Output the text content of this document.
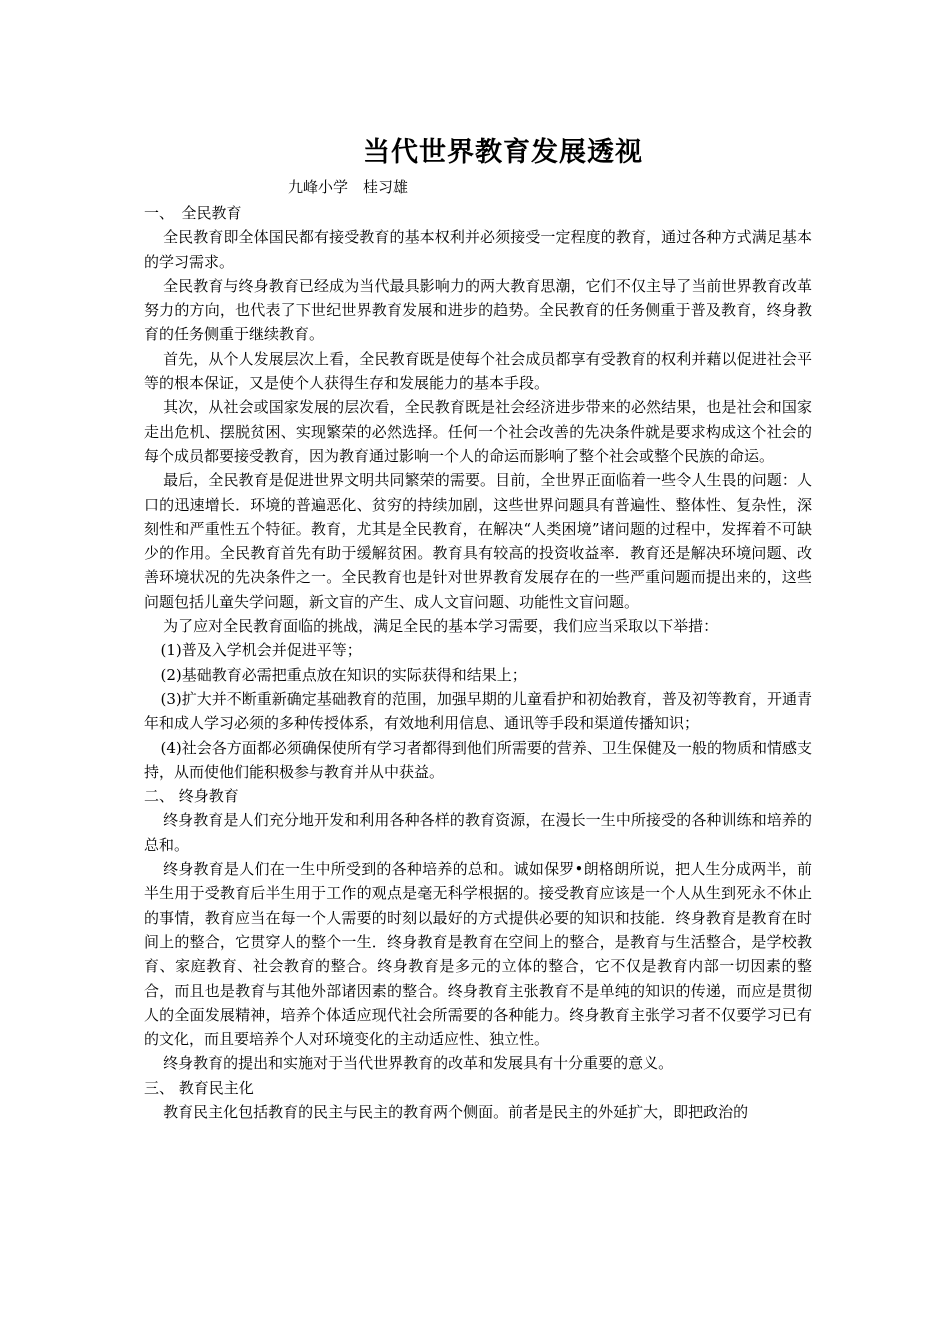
当代世界教育发展透视
九峰小学　桂习雄

一、　全民教育

全民教育即全体国民都有接受教育的基本权利并必须接受一定程度的教育，通过各种方式满足基本的学习需求。

全民教育与终身教育已经成为当代最具影响力的两大教育思潮，它们不仅主导了当前世界教育改革努力的方向，也代表了下世纪世界教育发展和进步的趋势。全民教育的任务侧重于普及教育，终身教育的任务侧重于继续教育。

首先，从个人发展层次上看，全民教育既是使每个社会成员都享有受教育的权利并藉以促进社会平等的根本保证，又是使个人获得生存和发展能力的基本手段。

其次，从社会或国家发展的层次看，全民教育既是社会经济进步带来的必然结果，也是社会和国家走出危机、摆脱贫困、实现繁荣的必然选择。任何一个社会改善的先决条件就是要求构成这个社会的每个成员都要接受教育，因为教育通过影响一个人的命运而影响了整个社会或整个民族的命运。

最后，全民教育是促进世界文明共同繁荣的需要。目前，全世界正面临着一些令人生畏的问题：人口的迅速增长．环境的普遍恶化、贫穷的持续加剧，这些世界问题具有普遍性、整体性、复杂性，深刻性和严重性五个特征。教育，尤其是全民教育，在解决“人类困境”诸问题的过程中，发挥着不可缺少的作用。全民教育首先有助于缓解贫困。教育具有较高的投资收益率．教育还是解决环境问题、改善环境状况的先决条件之一。全民教育也是针对世界教育发展存在的一些严重问题而提出来的，这些问题包括儿童失学问题，新文盲的产生、成人文盲问题、功能性文盲问题。

为了应对全民教育面临的挑战，满足全民的基本学习需要，我们应当采取以下举措：

(1)普及入学机会并促进平等；

(2)基础教育必需把重点放在知识的实际获得和结果上；

(3)扩大并不断重新确定基础教育的范围，加强早期的儿童看护和初始教育，普及初等教育，开通青年和成人学习必须的多种传授体系，有效地利用信息、通讯等手段和渠道传播知识；

(4)社会各方面都必须确保使所有学习者都得到他们所需要的营养、卫生保健及一般的物质和情感支持，从而使他们能积极参与教育并从中获益。

二、 终身教育

终身教育是人们充分地开发和利用各种各样的教育资源，在漫长一生中所接受的各种训练和培养的总和。

终身教育是人们在一生中所受到的各种培养的总和。诚如保罗•朗格朗所说，把人生分成两半，前半生用于受教育后半生用于工作的观点是毫无科学根据的。接受教育应该是一个人从生到死永不休止的事情，教育应当在每一个人需要的时刻以最好的方式提供必要的知识和技能．终身教育是教育在时间上的整合，它贯穿人的整个一生．终身教育是教育在空间上的整合，是教育与生活整合，是学校教育、家庭教育、社会教育的整合。终身教育是多元的立体的整合，它不仅是教育内部一切因素的整合，而且也是教育与其他外部诸因素的整合。终身教育主张教育不是单纯的知识的传递，而应是贯彻人的全面发展精神，培养个体适应现代社会所需要的各种能力。终身教育主张学习者不仅要学习已有的文化，而且要培养个人对环境变化的主动适应性、独立性。

终身教育的提出和实施对于当代世界教育的改革和发展具有十分重要的意义。

三、 教育民主化

教育民主化包括教育的民主与民主的教育两个侧面。前者是民主的外延扩大，即把政治的
